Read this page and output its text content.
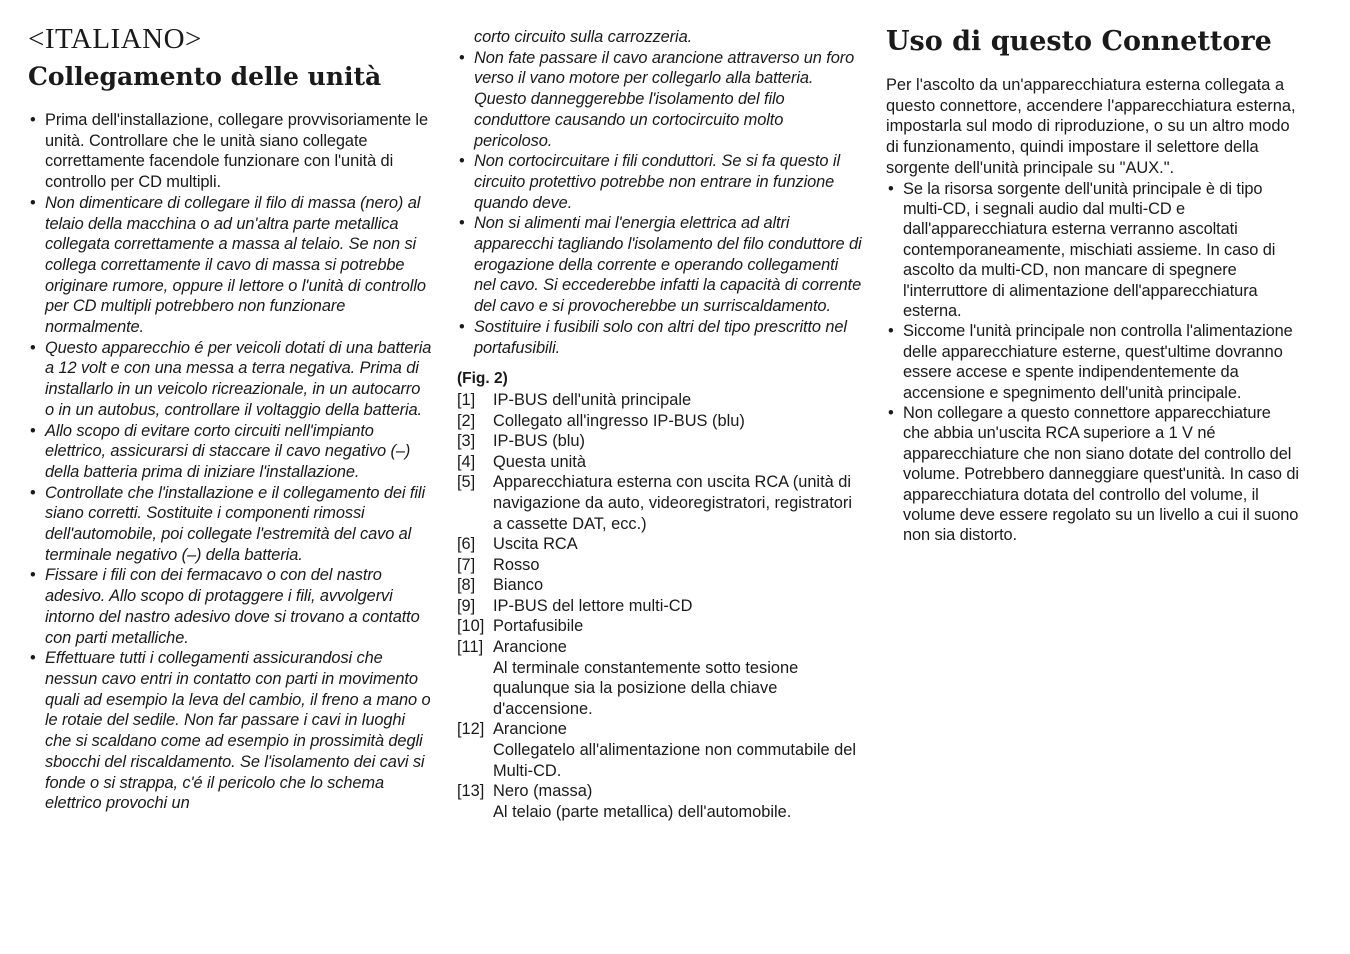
<ITALIANO>
Collegamento delle unità
• Prima dell'installazione, collegare provvisoriamente le unità. Controllare che le unità siano collegate correttamente facendole funzionare con l'unità di controllo per CD multipli.
• Non dimenticare di collegare il filo di massa (nero) al telaio della macchina o ad un'altra parte metallica collegata correttamente a massa al telaio. Se non si collega correttamente il cavo di massa si potrebbe originare rumore, oppure il lettore o l'unità di controllo per CD multipli potrebbero non funzionare normalmente.
• Questo apparecchio é per veicoli dotati di una batteria a 12 volt e con una messa a terra negativa. Prima di installarlo in un veicolo ricreazionale, in un autocarro o in un autobus, controllare il voltaggio della batteria.
• Allo scopo di evitare corto circuiti nell'impianto elettrico, assicurarsi di staccare il cavo negativo (–) della batteria prima di iniziare l'installazione.
• Controllate che l'installazione e il collegamento dei fili siano corretti. Sostituite i componenti rimossi dell'automobile, poi collegate l'estremità del cavo al terminale negativo (–) della batteria.
• Fissare i fili con dei fermacavo o con del nastro adesivo. Allo scopo di protaggere i fili, avvolgervi intorno del nastro adesivo dove si trovano a contatto con parti metalliche.
• Effettuare tutti i collegamenti assicurandosi che nessun cavo entri in contatto con parti in movimento quali ad esempio la leva del cambio, il freno a mano o le rotaie del sedile. Non far passare i cavi in luoghi che si scaldano come ad esempio in prossimità degli sbocchi del riscaldamento. Se l'isolamento dei cavi si fonde o si strappa, c'é il pericolo che lo schema elettrico provochi un
corto circuito sulla carrozzeria.
• Non fate passare il cavo arancione attraverso un foro verso il vano motore per collegarlo alla batteria. Questo danneggerebbe l'isolamento del filo conduttore causando un cortocircuito molto pericoloso.
• Non cortocircuitare i fili conduttori. Se si fa questo il circuito protettivo potrebbe non entrare in funzione quando deve.
• Non si alimenti mai l'energia elettrica ad altri apparecchi tagliando l'isolamento del filo conduttore di erogazione della corrente e operando collegamenti nel cavo. Si eccederebbe infatti la capacità di corrente del cavo e si provocherebbe un surriscaldamento.
• Sostituire i fusibili solo con altri del tipo prescritto nel portafusibili.
(Fig. 2)
[1]	IP-BUS dell'unità principale
[2]	Collegato all'ingresso IP-BUS (blu)
[3]	IP-BUS (blu)
[4]	Questa unità
[5]	Apparecchiatura esterna con uscita RCA (unità di navigazione da auto, videoregistratori, registratori a cassette DAT, ecc.)
[6]	Uscita RCA
[7]	Rosso
[8]	Bianco
[9]	IP-BUS del lettore multi-CD
[10] Portafusibile
[11] Arancione
Al terminale constantemente sotto tesione qualunque sia la posizione della chiave d'accensione.
[12] Arancione
Collegatelo all'alimentazione non commutabile del Multi-CD.
[13] Nero (massa)
Al telaio (parte metallica) dell'automobile.
Uso di questo Connettore

Per l'ascolto da un'apparecchiatura esterna collegata a questo connettore, accendere l'apparecchiatura esterna, impostarla sul modo di riproduzione, o su un altro modo di funzionamento, quindi impostare il selettore della sorgente dell'unità principale su "AUX.".

• Se la risorsa sorgente dell'unità principale è di tipo multi-CD, i segnali audio dal multi-CD e dall'apparecchiatura esterna verranno ascoltati contemporaneamente, mischiati assieme. In caso di ascolto da multi-CD, non mancare di spegnere l'interruttore di alimentazione dell'apparecchiatura esterna.
• Siccome l'unità principale non controlla l'alimentazione delle apparecchiature esterne, quest'ultime dovranno essere accese e spente indipendentemente da accensione e spegnimento dell'unità principale.
• Non collegare a questo connettore apparecchiature che abbia un'uscita RCA superiore a 1 V né apparecchiature che non siano dotate del controllo del volume. Potrebbero danneggiare quest'unità. In caso di apparecchiatura dotata del controllo del volume, il volume deve essere regolato su un livello a cui il suono non sia distorto.
